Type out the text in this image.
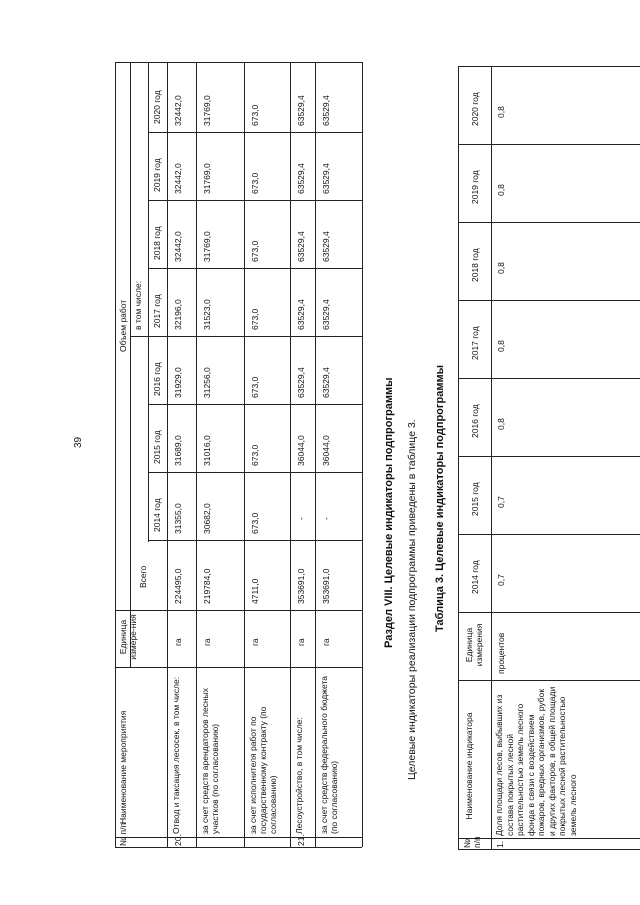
39
№ п/п
Наименование мероприятия
Единица измере-ния
Объем работ
Всего
в том числе:
2014 год
2015 год
2016 год
2017 год
2018 год
2019 год
2020 год
20.
Отвод и таксация лесосек, в том числе:
га
224495,0
31355,0
31689,0
31929,0
32196,0
32442,0
32442,0
32442,0
за счет средств арендаторов лесных участков (по согласованию)
га
219784,0
30682,0
31016,0
31256,0
31523,0
31769,0
31769,0
31769,0
за счет исполнителя работ по государственному контракту (по согласованию)
га
4711,0
673,0
673,0
673,0
673,0
673,0
673,0
673,0
21.
Лесоустройство, в том числе:
га
353691,0
-
36044,0
63529,4
63529,4
63529,4
63529,4
63529,4
за счет средств федерального бюджета (по согласованию)
га
353691,0
-
36044,0
63529,4
63529,4
63529,4
63529,4
63529,4
Раздел VIII. Целевые индикаторы подпрограммы Целевые индикаторы реализации подпрограммы приведены в таблице 3. Таблица 3. Целевые индикаторы подпрограммы
№ п/п
Наименование индикатора
Единица измерения
2014 год
2015 год
2016 год
2017 год
2018 год
2019 год
2020 год
1.
Доля площади лесов, выбывших из состава покрытых лесной растительностью земель лесного фонда в связи с воздействием пожаров, вредных организмов, рубок и других факторов, в общей площади покрытых лесной растительностью земель лесного
процентов
0,7
0,7
0,8
0,8
0,8
0,8
0,8
